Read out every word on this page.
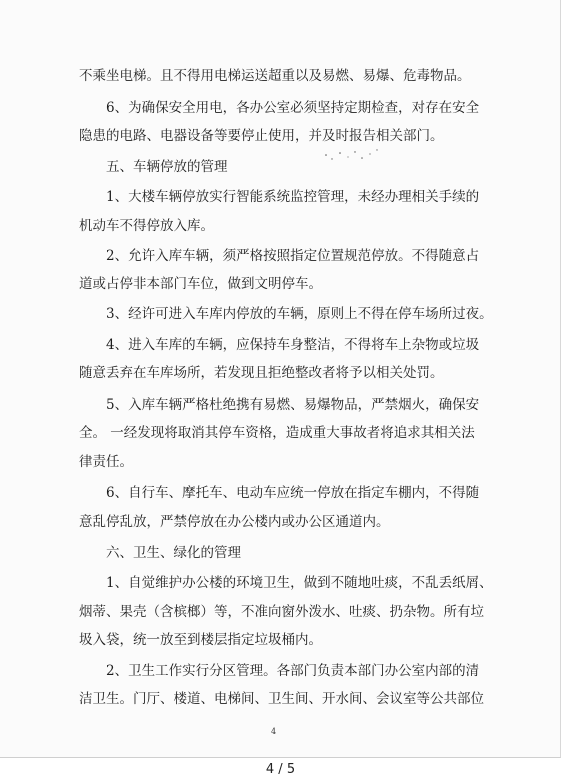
不乘坐电梯。且不得用电梯运送超重以及易燃、易爆、危毒物品。
6、为确保安全用电，各办公室必须坚持定期检查，对存在安全
隐患的电路、电器设备等要停止使用，并及时报告相关部门。
五、车辆停放的管理
1、大楼车辆停放实行智能系统监控管理，未经办理相关手续的
机动车不得停放入库。
2、允许入库车辆，须严格按照指定位置规范停放。不得随意占
道或占停非本部门车位，做到文明停车。
3、经许可进入车库内停放的车辆，原则上不得在停车场所过夜。
4、进入车库的车辆，应保持车身整洁，不得将车上杂物或垃圾
随意丢弃在车库场所，若发现且拒绝整改者将予以相关处罚。
5、入库车辆严格杜绝携有易燃、易爆物品，严禁烟火，确保安
全。 一经发现将取消其停车资格，造成重大事故者将追求其相关法
律责任。
6、自行车、摩托车、电动车应统一停放在指定车棚内，不得随
意乱停乱放，严禁停放在办公楼内或办公区通道内。
六、卫生、绿化的管理
1、自觉维护办公楼的环境卫生，做到不随地吐痰，不乱丢纸屑、
烟蒂、果壳（含槟榔）等，不准向窗外泼水、吐痰、扔杂物。所有垃
圾入袋，统一放至到楼层指定垃圾桶内。
2、卫生工作实行分区管理。各部门负责本部门办公室内部的清
洁卫生。门厅、楼道、电梯间、卫生间、开水间、会议室等公共部位
4
4 / 5
